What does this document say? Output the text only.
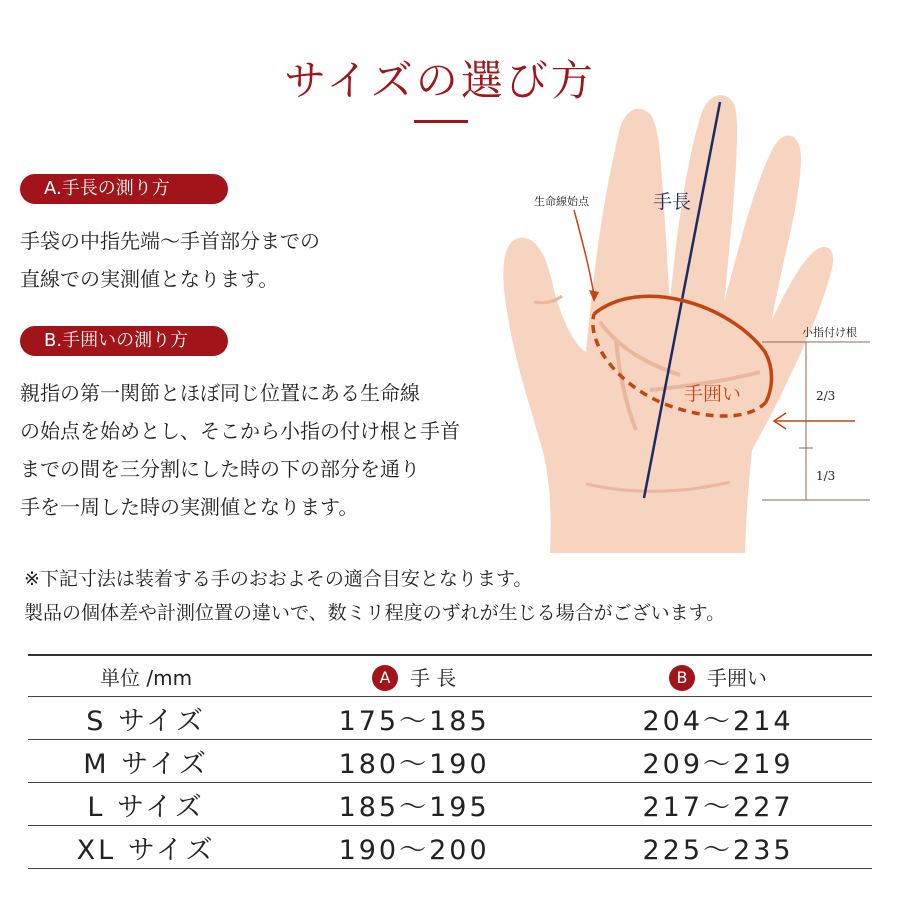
サイズの選び方
A.手長の測り方
手袋の中指先端〜手首部分までの
直線での実測値となります。
B.手囲いの測り方
親指の第一関節とほぼ同じ位置にある生命線
の始点を始めとし、そこから小指の付け根と手首
までの間を三分割にした時の下の部分を通り
手を一周した時の実測値となります。
手長
手囲い
生命線始点
小指付け根
2/3
1/3
※下記寸法は装着する手のおおよその適合目安となります。
製品の個体差や計測位置の違いで、数ミリ程度のずれが生じる場合がございます。
単位 /mm	A 手 長	B 手囲い
S サイズ	175〜185	204〜214
M サイズ	180〜190	209〜219
L サイズ	185〜195	217〜227
XL サイズ	190〜200	225〜235
